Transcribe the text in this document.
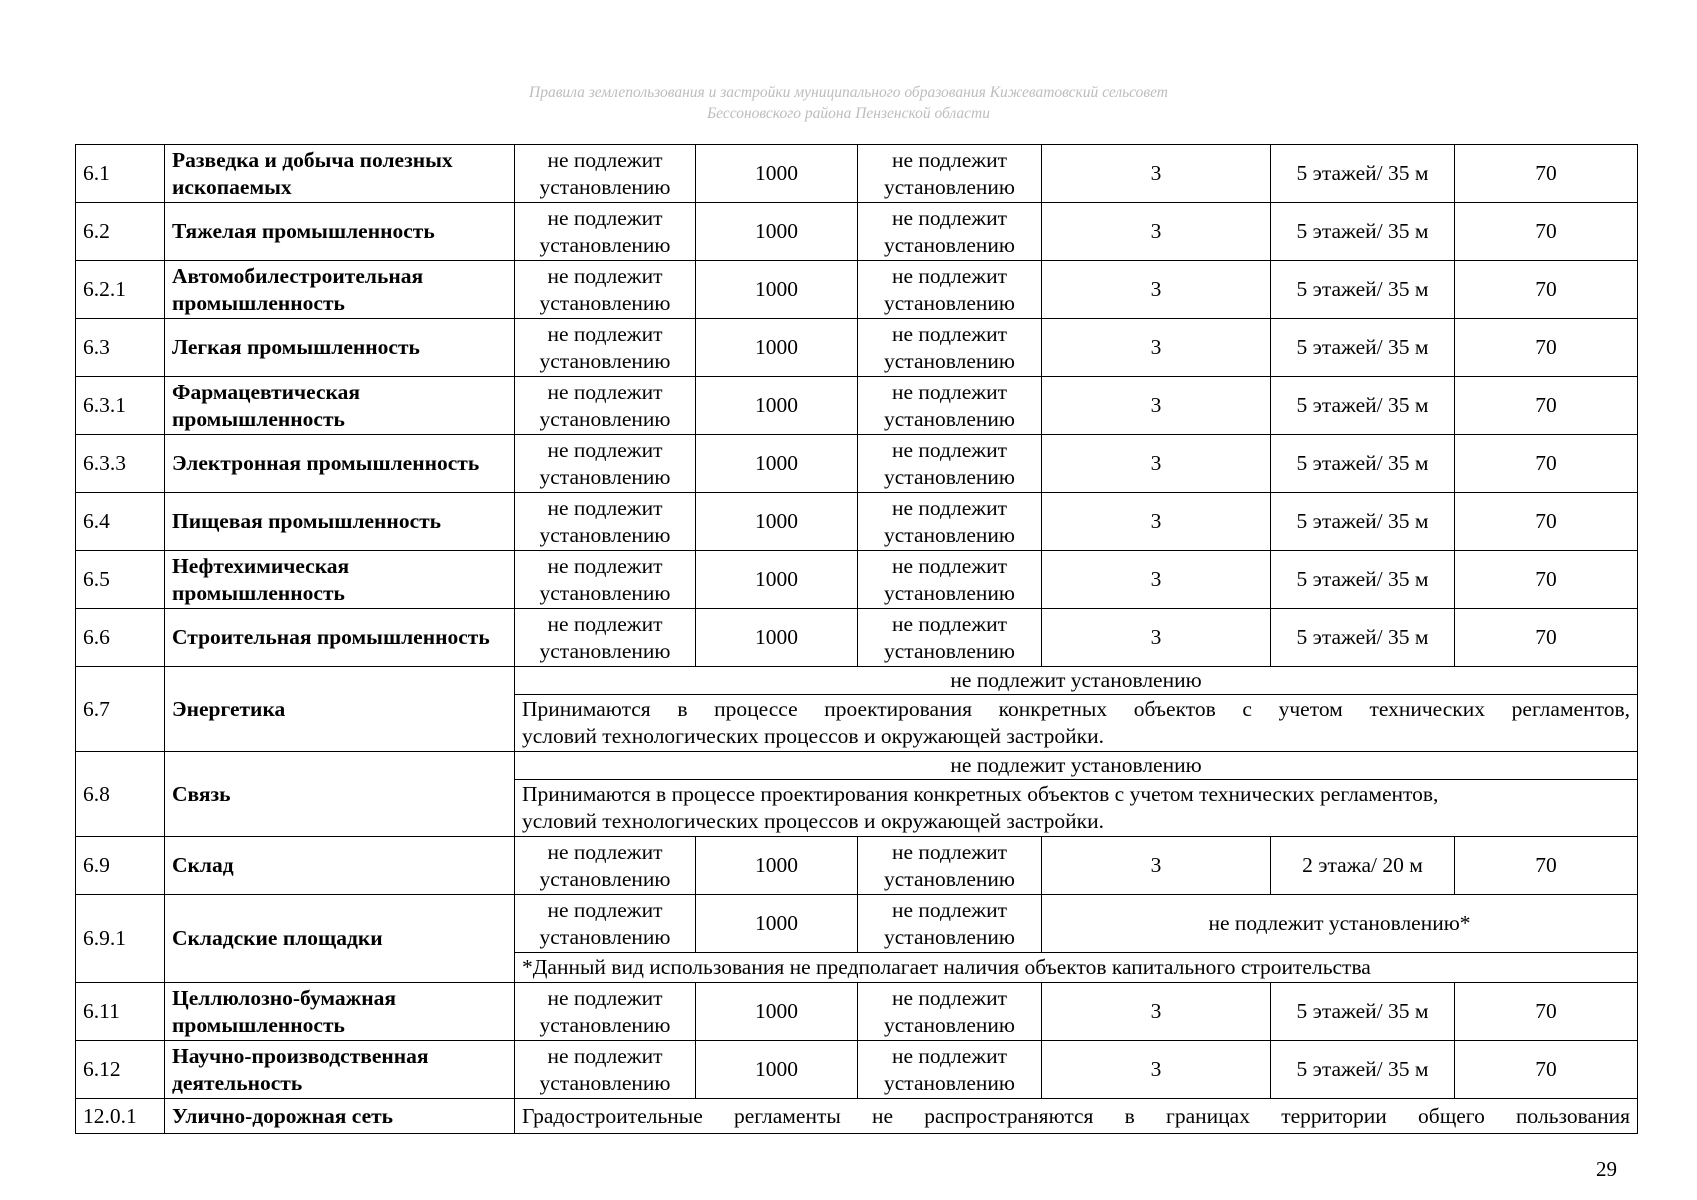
Правила землепользования и застройки муниципального образования Кижеватовский сельсовет
Бессоновского района Пензенской области
6.1	Разведка и добыча полезных ископаемых	не подлежит установлению	1000	не подлежит установлению	3	5 этажей/ 35 м	70
6.2	Тяжелая промышленность	не подлежит установлению	1000	не подлежит установлению	3	5 этажей/ 35 м	70
6.2.1	Автомобилестроительная промышленность	не подлежит установлению	1000	не подлежит установлению	3	5 этажей/ 35 м	70
6.3	Легкая промышленность	не подлежит установлению	1000	не подлежит установлению	3	5 этажей/ 35 м	70
6.3.1	Фармацевтическая промышленность	не подлежит установлению	1000	не подлежит установлению	3	5 этажей/ 35 м	70
6.3.3	Электронная промышленность	не подлежит установлению	1000	не подлежит установлению	3	5 этажей/ 35 м	70
6.4	Пищевая промышленность	не подлежит установлению	1000	не подлежит установлению	3	5 этажей/ 35 м	70
6.5	Нефтехимическая промышленность	не подлежит установлению	1000	не подлежит установлению	3	5 этажей/ 35 м	70
6.6	Строительная промышленность	не подлежит установлению	1000	не подлежит установлению	3	5 этажей/ 35 м	70
6.7	Энергетика	не подлежит установлению					

		Принимаются в процессе проектирования конкретных объектов с учетом технических регламентов,
условий технологических процессов и окружающей застройки.					

6.8	Связь	не подлежит установлению					

		Принимаются в процессе проектирования конкретных объектов с учетом технических регламентов,
условий технологических процессов и окружающей застройки.					

6.9	Склад	не подлежит установлению	1000	не подлежит установлению	3	2 этажа/ 20 м	70
6.9.1	Складские площадки	не подлежит установлению	1000	не подлежит установлению	не подлежит установлению*		
		*Данный вид использования не предполагает наличия объектов капитального строительства					
6.11	Целлюлозно-бумажная промышленность	не подлежит установлению	1000	не подлежит установлению	3	5 этажей/ 35 м	70
6.12	Научно-производственная деятельность	не подлежит установлению	1000	не подлежит установлению	3	5 этажей/ 35 м	70
12.0.1	Улично-дорожная сеть	Градостроительные регламенты не распространяются в границах территории общего пользования					
29
